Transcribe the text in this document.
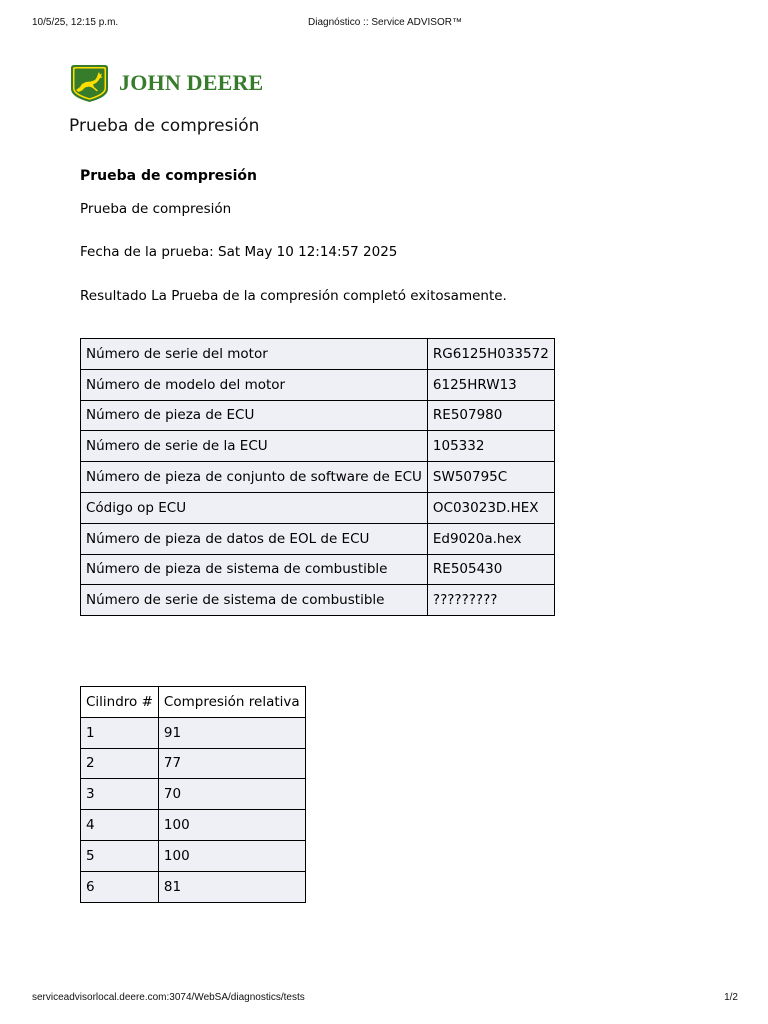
10/5/25, 12:15 p.m.	Diagnóstico :: Service ADVISOR™
JOHN DEERE
Prueba de compresión
Prueba de compresión

Prueba de compresión

Fecha de la prueba: Sat May 10 12:14:57 2025

Resultado La Prueba de la compresión completó exitosamente.

Número de serie del motor	RG6125H033572
Número de modelo del motor	6125HRW13
Número de pieza de ECU	RE507980
Número de serie de la ECU	105332
Número de pieza de conjunto de software de ECU	SW50795C
Código op ECU	OC03023D.HEX
Número de pieza de datos de EOL de ECU	Ed9020a.hex
Número de pieza de sistema de combustible	RE505430
Número de serie de sistema de combustible	?????????
Cilindro #	Compresión relativa
1	91
2	77
3	70
4	100
5	100
6	81
serviceadvisorlocal.deere.com:3074/WebSA/diagnostics/tests	1/2
